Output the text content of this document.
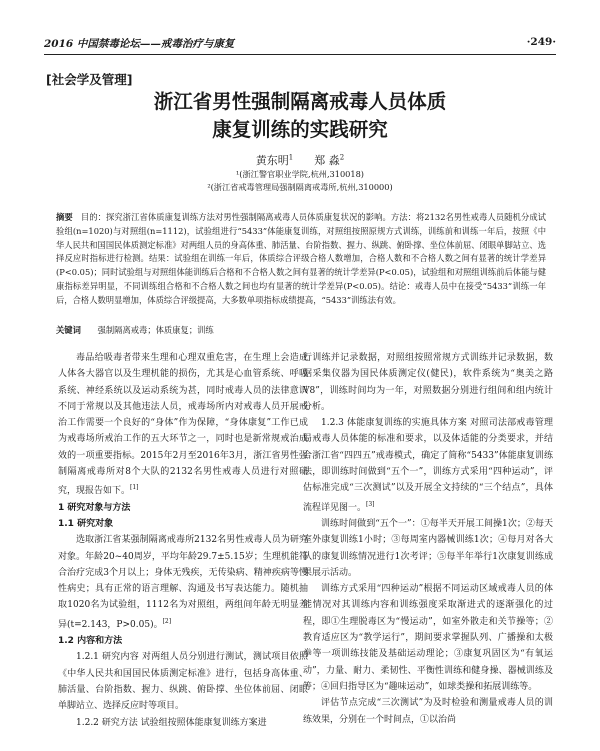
2016 中国禁毒论坛——戒毒治疗与康复	·249·
[社会学及管理]
浙江省男性强制隔离戒毒人员体质
康复训练的实践研究
黄东明$^1$ 郑 淼$^2$
¹(浙江警官职业学院,杭州,310018)
²(浙江省戒毒管理局强制隔离戒毒所,杭州,310000)
摘要 目的：探究浙江省体质康复训练方法对男性强制隔离戒毒人员体质康复状况的影响。方法：将2132名男性戒毒人员随机分成试验组(n=1020)与对照组(n=1112)，试验组进行“5433”体能康复训练，对照组按照原规方式训练，训练前和训练一年后，按照《中华人民共和国国民体质测定标准》对两组人员的身高体重、肺活量、台阶指数、握力、纵跳、俯卧撑、坐位体前屈、闭眼单脚站立、选择反应时指标进行检测。结果：试验组在训练一年后，体质综合评级合格人数增加，合格人数和不合格人数之间有显著的统计学差异(P<0.05)；同时试验组与对照组体能训练后合格和不合格人数之间有显著的统计学差异(P<0.05)，试验组和对照组训练前后体能与健康指标差异明显，不同训练组合格和不合格人数之间也均有显著的统计学差异(P<0.05)。结论：戒毒人员中在接受“5433”训练一年后，合格人数明显增加，体质综合评级提高，大多数单项指标成绩提高，“5433”训练法有效。
关键词 强制隔离戒毒；体质康复；训练

毒品给吸毒者带来生理和心理双重危害，在生理上会造成人体各大器官以及生理机能的损伤，尤其是心血管系统、呼吸系统、神经系统以及运动系统为甚，同时戒毒人员的法律意识不同于常规以及其他违法人员，戒毒场所内对戒毒人员开展戒治工作需要一个良好的“身体”作为保障，“身体康复”工作已成为戒毒场所戒治工作的五大环节之一，同时也是新常规戒治成效的一项重要指标。2015年2月至2016年3月，浙江省男性强制隔离戒毒所对8个大队的2132名男性戒毒人员进行对照研究，现报告如下。[1]

1 研究对象与方法

1.1 研究对象

选取浙江省某强制隔离戒毒所2132名男性戒毒人员为研究对象。年龄20~40周岁，平均年龄29.7±5.15岁；生理机能符合治疗完成3个月以上；身体无残疾，无传染病、精神疾病等慢性病史；具有正常的语言理解、沟通及书写表达能力。随机抽取1020名为试验组，1112名为对照组，两组间年龄无明显差异(t=2.143，P>0.05)。[2]

1.2 内容和方法

1.2.1 研究内容 对两组人员分别进行测试，测试项目依照《中华人民共和国国民体质测定标准》进行，包括身高体重、肺活量、台阶指数、握力、纵跳、俯卧撑、坐位体前屈、闭眼单脚站立、选择反应时等项目。

1.2.2 研究方法 试验组按照体能康复训练方案进

行训练并记录数据，对照组按照常规方式训练并记录数据，数据采集仪器为国民体质测定仪(健民)，软件系统为“奥美之路V8”，训练时间均为一年，对照数据分别进行组间和组内统计分析。

1.2.3 体能康复训练的实施具体方案 对照司法部戒毒管理局戒毒人员体能的标准和要求，以及体适能的分类要求，并结合浙江省“四四五”戒毒模式，确定了简称“5433”体能康复训练法，即训练时间做到“五个一”，训练方式采用“四种运动”，评估标准完成“三次测试”以及开展全文持续的“三个结点”，具体流程详见图一。[3]

训练时间做到“五个一”：①每半天开展工间操1次；②每天室外康复训练1小时；③每周室内器械训练1次；④每月对各大队的康复训练情况进行1次考评；⑤每半年举行1次康复训练成果展示活动。

训练方式采用“四种运动”根据不同运动区域戒毒人员的体能情况对其训练内容和训练强度采取渐进式的逐渐强化的过程，即①生理脱毒区为“慢运动”，如室外散走和关节操等；②教育适应区为“教学运行”，期间要求掌握队列、广播操和太极拳等一项训练技能及基础运动理论；③康复巩固区为“有氧运动”，力量、耐力、柔韧性、平衡性训练和健身操、器械训练及等；④回归指导区为“趣味运动”，如球类操和拓展训练等。

评估节点完成“三次测试”为及时检验和测量戒毒人员的训练效果，分别在一个时间点，①以治尚
